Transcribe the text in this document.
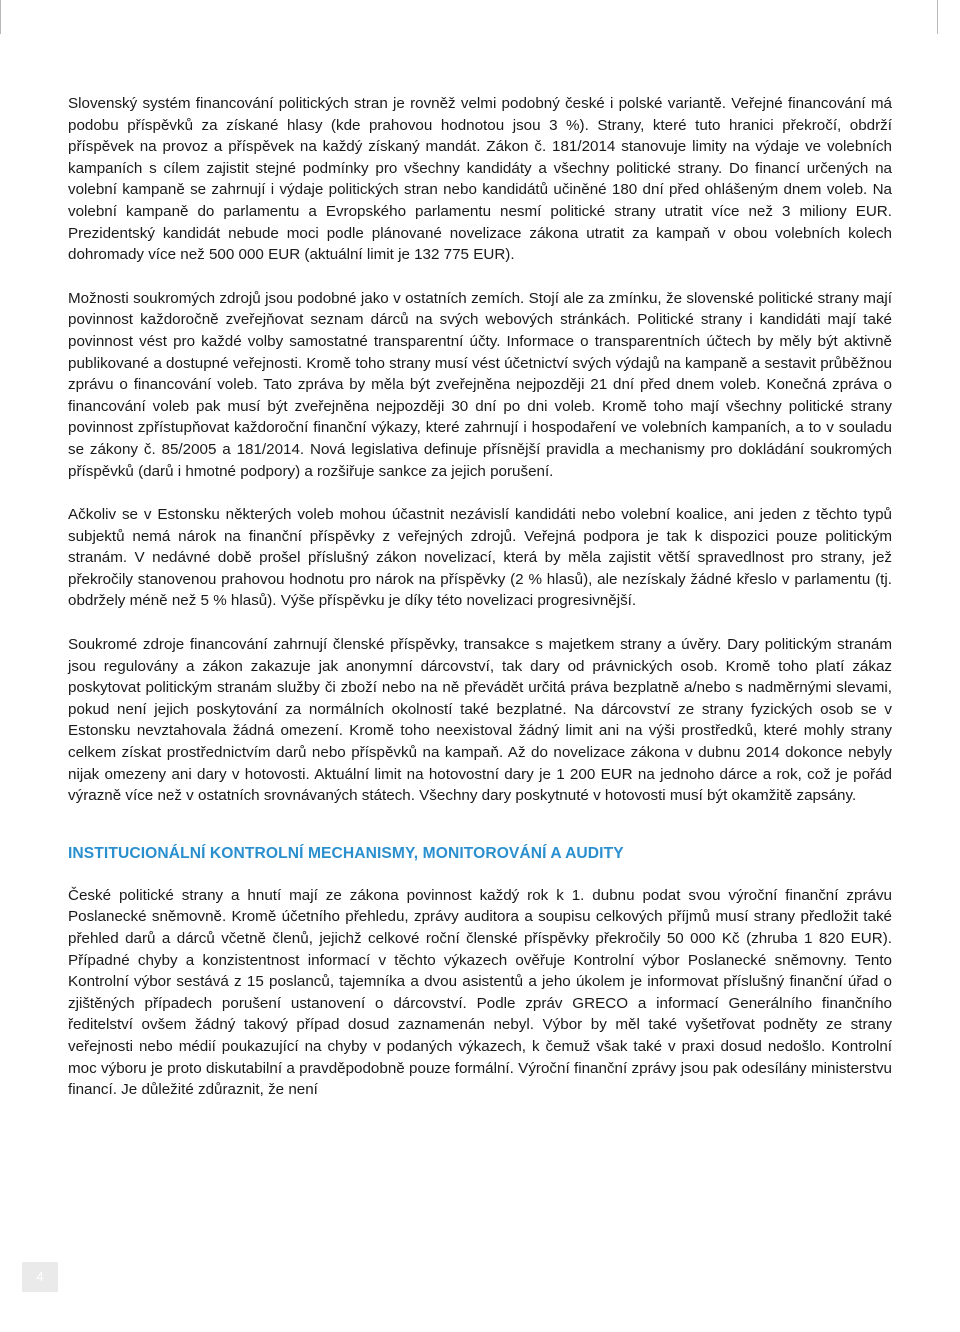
Slovenský systém financování politických stran je rovněž velmi podobný české i polské variantě. Veřejné financování má podobu příspěvků za získané hlasy (kde prahovou hodnotou jsou 3 %). Strany, které tuto hranici překročí, obdrží příspěvek na provoz a příspěvek na každý získaný mandát. Zákon č. 181/2014 stanovuje limity na výdaje ve volebních kampaních s cílem zajistit stejné podmínky pro všechny kandidáty a všechny politické strany. Do financí určených na volební kampaně se zahrnují i výdaje politických stran nebo kandidátů učiněné 180 dní před ohlášeným dnem voleb. Na volební kampaně do parlamentu a Evropského parlamentu nesmí politické strany utratit více než 3 miliony EUR. Prezidentský kandidát nebude moci podle plánované novelizace zákona utratit za kampaň v obou volebních kolech dohromady více než 500 000 EUR (aktuální limit je 132 775 EUR).

Možnosti soukromých zdrojů jsou podobné jako v ostatních zemích. Stojí ale za zmínku, že slovenské politické strany mají povinnost každoročně zveřejňovat seznam dárců na svých webových stránkách. Politické strany i kandidáti mají také povinnost vést pro každé volby samostatné transparentní účty. Informace o transparentních účtech by měly být aktivně publikované a dostupné veřejnosti. Kromě toho strany musí vést účetnictví svých výdajů na kampaně a sestavit průběžnou zprávu o financování voleb. Tato zpráva by měla být zveřejněna nejpozději 21 dní před dnem voleb. Konečná zpráva o financování voleb pak musí být zveřejněna nejpozději 30 dní po dni voleb. Kromě toho mají všechny politické strany povinnost zpřístupňovat každoroční finanční výkazy, které zahrnují i hospodaření ve volebních kampaních, a to v souladu se zákony č. 85/2005 a 181/2014. Nová legislativa definuje přísnější pravidla a mechanismy pro dokládání soukromých příspěvků (darů i hmotné podpory) a rozšiřuje sankce za jejich porušení.

Ačkoliv se v Estonsku některých voleb mohou účastnit nezávislí kandidáti nebo volební koalice, ani jeden z těchto typů subjektů nemá nárok na finanční příspěvky z veřejných zdrojů. Veřejná podpora je tak k dispozici pouze politickým stranám. V nedávné době prošel příslušný zákon novelizací, která by měla zajistit větší spravedlnost pro strany, jež překročily stanovenou prahovou hodnotu pro nárok na příspěvky (2 % hlasů), ale nezískaly žádné křeslo v parlamentu (tj. obdržely méně než 5 % hlasů). Výše příspěvku je díky této novelizaci progresivnější.

Soukromé zdroje financování zahrnují členské příspěvky, transakce s majetkem strany a úvěry. Dary politickým stranám jsou regulovány a zákon zakazuje jak anonymní dárcovství, tak dary od právnických osob. Kromě toho platí zákaz poskytovat politickým stranám služby či zboží nebo na ně převádět určitá práva bezplatně a/nebo s nadměrnými slevami, pokud není jejich poskytování za normálních okolností také bezplatné. Na dárcovství ze strany fyzických osob se v Estonsku nevztahovala žádná omezení. Kromě toho neexistoval žádný limit ani na výši prostředků, které mohly strany celkem získat prostřednictvím darů nebo příspěvků na kampaň. Až do novelizace zákona v dubnu 2014 dokonce nebyly nijak omezeny ani dary v hotovosti. Aktuální limit na hotovostní dary je 1 200 EUR na jednoho dárce a rok, což je pořád výrazně více než v ostatních srovnávaných státech. Všechny dary poskytnuté v hotovosti musí být okamžitě zapsány.

INSTITUCIONÁLNÍ KONTROLNÍ MECHANISMY, MONITOROVÁNÍ A AUDITY

České politické strany a hnutí mají ze zákona povinnost každý rok k 1. dubnu podat svou výroční finanční zprávu Poslanecké sněmovně. Kromě účetního přehledu, zprávy auditora a soupisu celkových příjmů musí strany předložit také přehled darů a dárců včetně členů, jejichž celkové roční členské příspěvky překročily 50 000 Kč (zhruba 1 820 EUR). Případné chyby a konzistentnost informací v těchto výkazech ověřuje Kontrolní výbor Poslanecké sněmovny. Tento Kontrolní výbor sestává z 15 poslanců, tajemníka a dvou asistentů a jeho úkolem je informovat příslušný finanční úřad o zjištěných případech porušení ustanovení o dárcovství. Podle zpráv GRECO a informací Generálního finančního ředitelství ovšem žádný takový případ dosud zaznamenán nebyl. Výbor by měl také vyšetřovat podněty ze strany veřejnosti nebo médií poukazující na chyby v podaných výkazech, k čemuž však také v praxi dosud nedošlo. Kontrolní moc výboru je proto diskutabilní a pravděpodobně pouze formální. Výroční finanční zprávy jsou pak odesílány ministerstvu financí. Je důležité zdůraznit, že není

4
